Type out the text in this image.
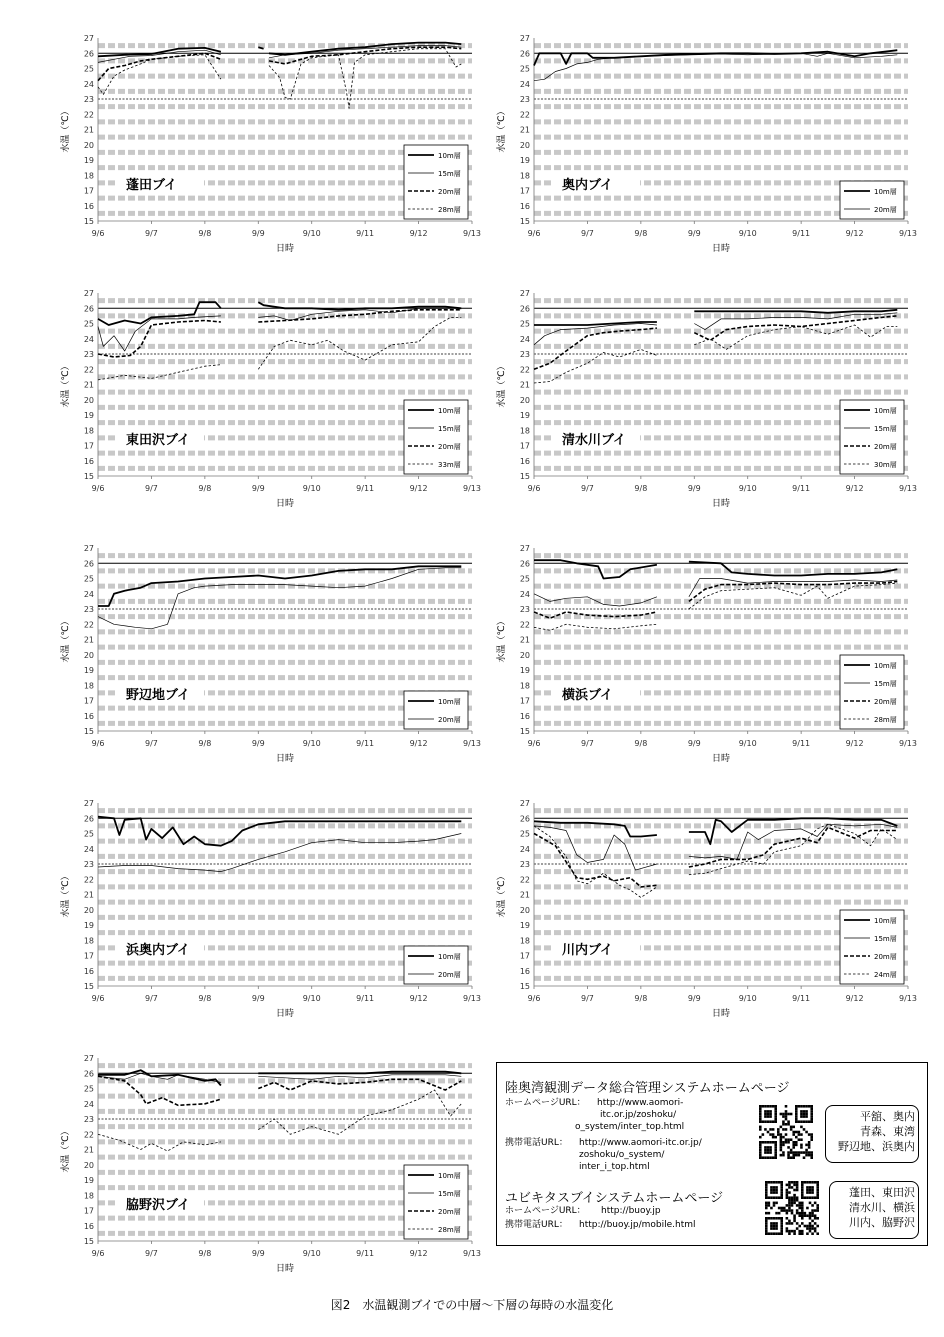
15
16
17
18
19
20
21
22
23
24
25
26
27
9/6	9/7	9/8	9/9	9/10	9/11	9/12	9/13
日時
水温（℃）
蓬田ブイ
10m層
15m層
20m層
28m層
15
16
17
18
19
20
21
22
23
24
25
26
27
9/6	9/7	9/8	9/9	9/10	9/11	9/12	9/13
日時
水温（℃）
奥内ブイ	10m層
20m層
15
16
17
18
19
20
21
22
23
24
25
26
27
9/6	9/7	9/8	9/9	9/10	9/11	9/12	9/13
日時
水温（℃）
東田沢ブイ
10m層
15m層
20m層
33m層
15
16
17
18
19
20
21
22
23
24
25
26
27
9/6	9/7	9/8	9/9	9/10	9/11	9/12	9/13
日時
水温（℃）
清水川ブイ
10m層
15m層
20m層
30m層
15
16
17
18
19
20
21
22
23
24
25
26
27
9/6	9/7	9/8	9/9	9/10	9/11	9/12	9/13
日時
水温（℃）
野辺地ブイ	10m層
20m層
15
16
17
18
19
20
21
22
23
24
25
26
27
9/6	9/7	9/8	9/9	9/10	9/11	9/12	9/13
日時
水温（℃）
横浜ブイ
10m層
15m層
20m層
28m層
15
16
17
18
19
20
21
22
23
24
25
26
27
9/6	9/7	9/8	9/9	9/10	9/11	9/12	9/13
日時
水温（℃）
浜奥内ブイ	10m層
20m層
15
16
17
18
19
20
21
22
23
24
25
26
27
9/6	9/7	9/8	9/9	9/10	9/11	9/12	9/13
日時
水温（℃）
川内ブイ
10m層
15m層
20m層
24m層
15
16
17
18
19
20
21
22
23
24
25
26
27
9/6	9/7	9/8	9/9	9/10	9/11	9/12	9/13
日時
水温（℃）
脇野沢ブイ
10m層
15m層
20m層
28m層
陸奥湾観測データ総合管理システムホームページ
ホームページURL： http://www.aomori-
itc.or.jp/zoshoku/
o_system/inter_top.html
携帯電話URL： http://www.aomori-itc.or.jp/
zoshoku/o_system/
inter_i_top.html
平舘、奥内
青森、東湾
野辺地、浜奥内
ユビキタスブイシステムホームページ
ホームページURL： http://buoy.jp
携帯電話URL： http://buoy.jp/mobile.html
蓬田、東田沢
清水川、横浜
川内、脇野沢
図2　水温観測ブイでの中層～下層の毎時の水温変化
